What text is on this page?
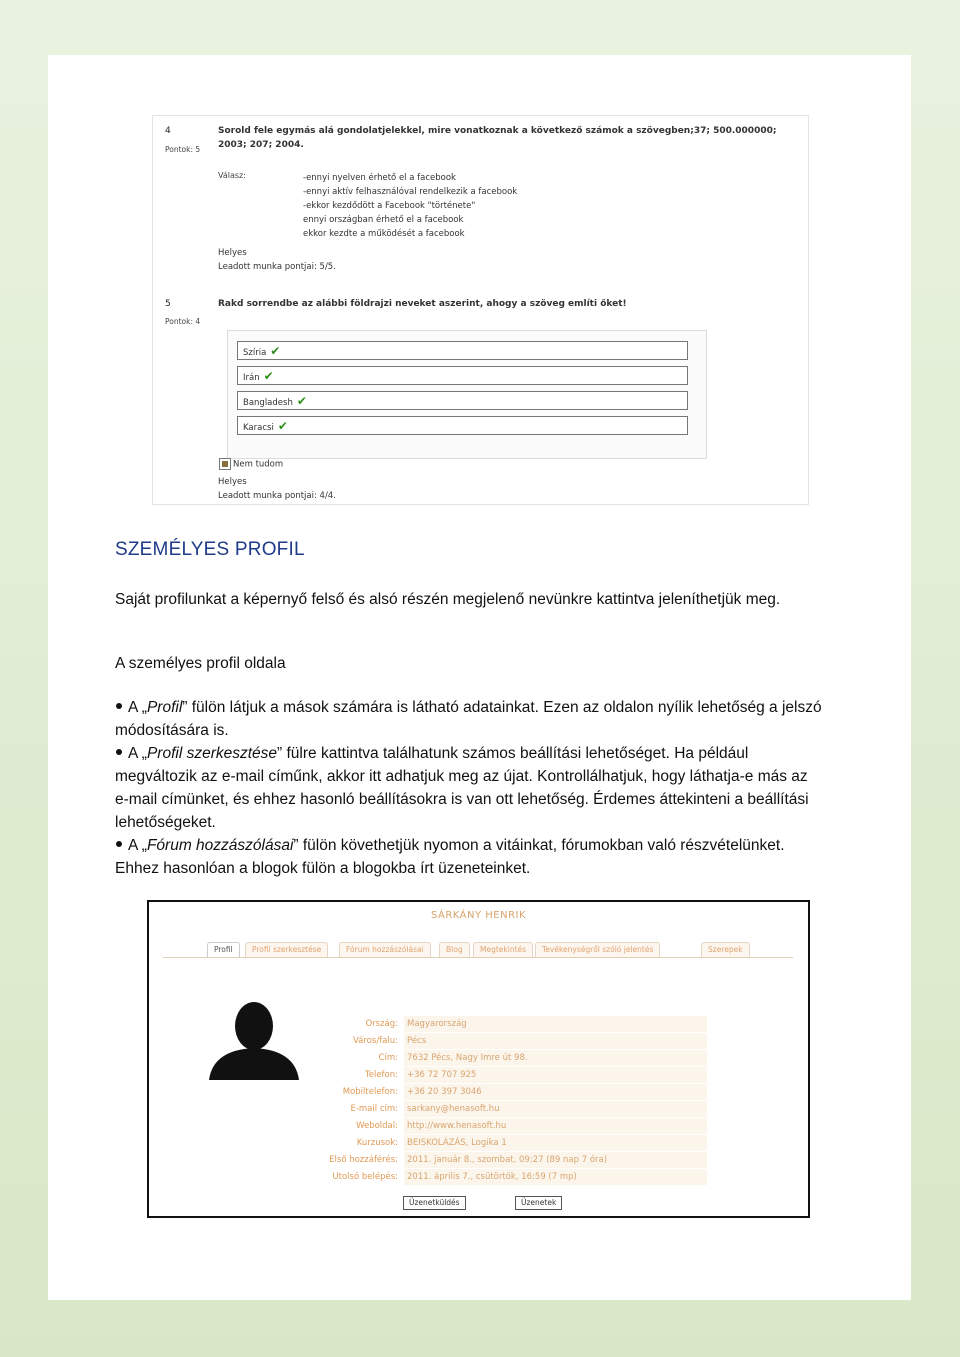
4
Pontok: 5
Sorold fele egymás alá gondolatjelekkel, mire vonatkoznak a következő számok a szövegben;37; 500.000000; 2003; 207; 2004.
Válasz:	-ennyi nyelven érhető el a facebook
-ennyi aktív felhasználóval rendelkezik a facebook
-ekkor kezdődött a Facebook "története"
ennyi országban érhető el a facebook
ekkor kezdte a működését a facebook
Helyes
Leadott munka pontjai: 5/5.
5
Pontok: 4
Rakd sorrendbe az alábbi földrajzi neveket aszerint, ahogy a szöveg említi őket!
Szíria ✔
Irán ✔
Bangladesh ✔
Karacsi ✔
Nem tudom
Helyes
Leadott munka pontjai: 4/4.
SZEMÉLYES PROFIL
Saját profilunkat a képernyő felső és alsó részén megjelenő nevünkre kattintva jeleníthetjük meg.
A személyes profil oldala

A „Profil” fülön látjuk a mások számára is látható adatainkat. Ezen az oldalon nyílik lehetőség a jelszó módosítására is.

A „Profil szerkesztése” fülre kattintva találhatunk számos beállítási lehetőséget. Ha például megváltozik az e-mail címűnk, akkor itt adhatjuk meg az újat. Kontrollálhatjuk, hogy láthatja-e más az e-mail címünket, és ehhez hasonló beállításokra is van ott lehetőség. Érdemes áttekinteni a beállítási lehetőségeket.

A „Fórum hozzászólásai” fülön követhetjük nyomon a vitáinkat, fórumokban való részvételünket. Ehhez hasonlóan a blogok fülön a blogokba írt üzeneteinket.

SÁRKÁNY HENRIK
Profil	Profil szerkesztése	Fórum hozzászólásai	Blog	Megtekintés	Tevékenységről szóló jelentés	Szerepek
Ország:	Magyarország
Város/falu:	Pécs
Cím:	7632 Pécs, Nagy Imre út 98.
Telefon:	+36 72 707 925
Mobiltelefon:	+36 20 397 3046
E-mail cím:	sarkany@henasoft.hu
Weboldal:	http://www.henasoft.hu
Kurzusok:	BEISKOLÁZÁS, Logika 1
Első hozzáférés:	2011. január 8., szombat, 09:27 (89 nap 7 óra)
Utolsó belépés:	2011. április 7., csütörtök, 16:59 (7 mp)
Üzenetküldés	Üzenetek
